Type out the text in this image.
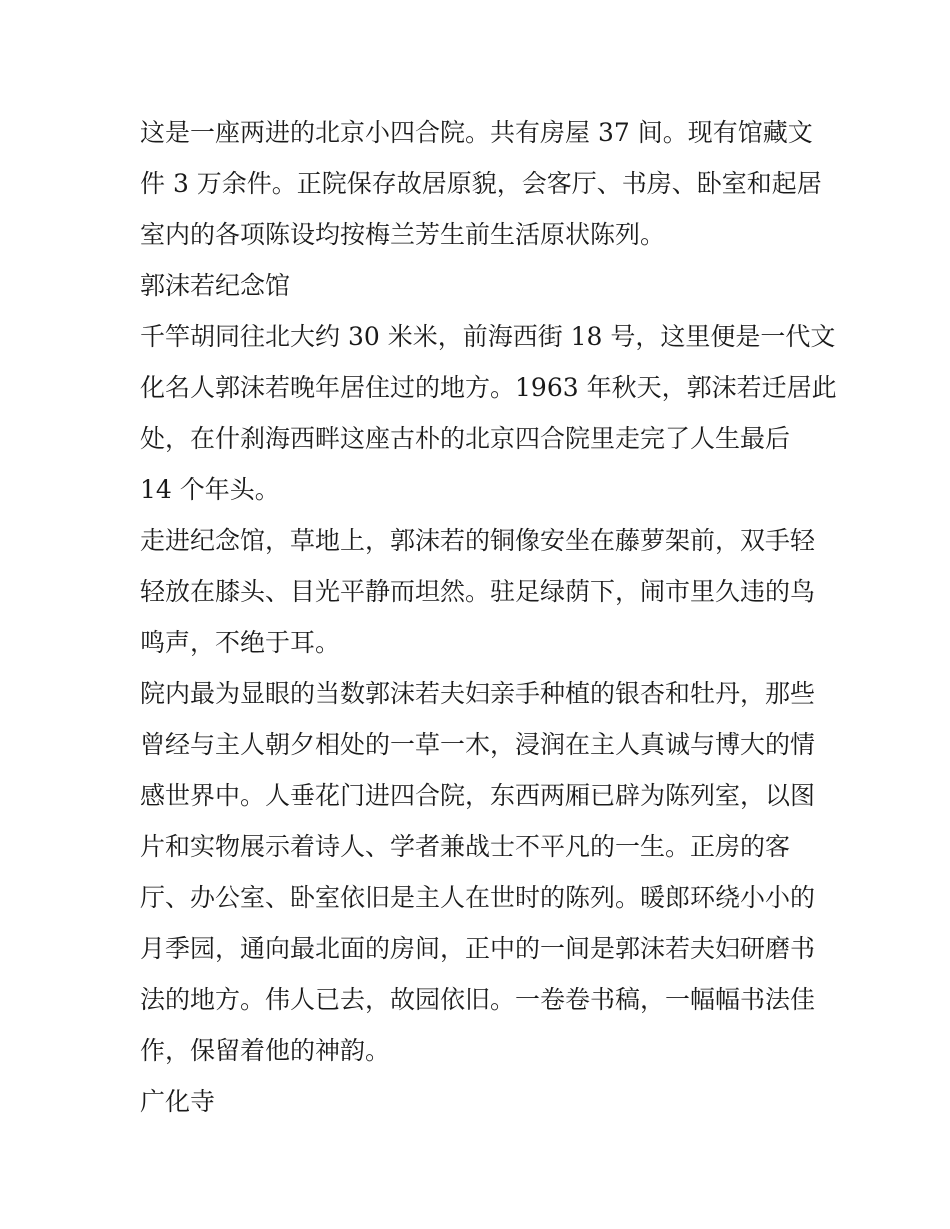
这是一座两进的北京小四合院。共有房屋 37 间。现有馆藏文
件 3 万余件。正院保存故居原貌，会客厅、书房、卧室和起居
室内的各项陈设均按梅兰芳生前生活原状陈列。
郭沫若纪念馆
千竿胡同往北大约 30 米米，前海西街 18 号，这里便是一代文
化名人郭沫若晚年居住过的地方。1963 年秋天，郭沫若迁居此
处，在什刹海西畔这座古朴的北京四合院里走完了人生最后
14 个年头。
走进纪念馆，草地上，郭沫若的铜像安坐在藤萝架前，双手轻
轻放在膝头、目光平静而坦然。驻足绿荫下，闹市里久违的鸟
鸣声，不绝于耳。
院内最为显眼的当数郭沫若夫妇亲手种植的银杏和牡丹，那些
曾经与主人朝夕相处的一草一木，浸润在主人真诚与博大的情
感世界中。人垂花门进四合院，东西两厢已辟为陈列室，以图
片和实物展示着诗人、学者兼战士不平凡的一生。正房的客
厅、办公室、卧室依旧是主人在世时的陈列。暖郎环绕小小的
月季园，通向最北面的房间，正中的一间是郭沫若夫妇研磨书
法的地方。伟人已去，故园依旧。一卷卷书稿，一幅幅书法佳
作，保留着他的神韵。
广化寺
